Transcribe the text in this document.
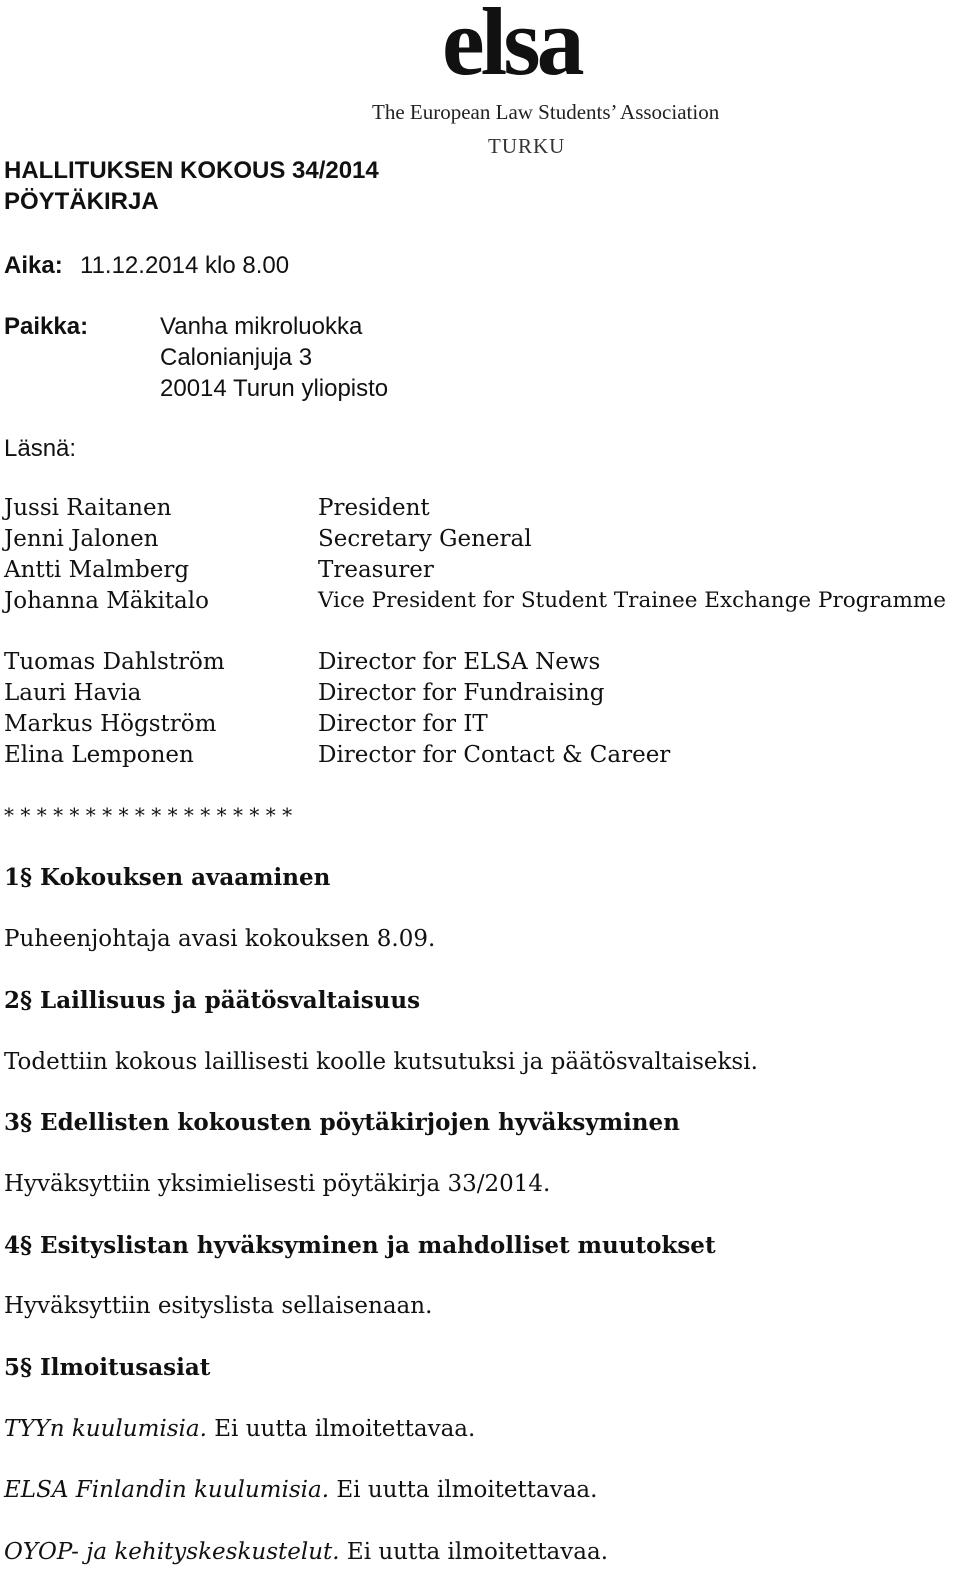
elsa
The European Law Students’ Association
TURKU
HALLITUKSEN KOKOUS 34/2014
PÖYTÄKIRJA
Aika: 11.12.2014 klo 8.00
Paikka:	Vanha mikroluokka
Calonianjuja 3
20014 Turun yliopisto
Läsnä:
Jussi Raitanen	President
Jenni Jalonen	Secretary General
Antti Malmberg	Treasurer
Johanna Mäkitalo	Vice President for Student Trainee Exchange Programme
Tuomas Dahlström	Director for ELSA News
Lauri Havia	Director for Fundraising
Markus Högström	Director for IT
Elina Lemponen	Director for Contact & Career
* * * * * * * * * * * * * * * * * *
1§ Kokouksen avaaminen
Puheenjohtaja avasi kokouksen 8.09.
2§ Laillisuus ja päätösvaltaisuus
Todettiin kokous laillisesti koolle kutsutuksi ja päätösvaltaiseksi.
3§ Edellisten kokousten pöytäkirjojen hyväksyminen
Hyväksyttiin yksimielisesti pöytäkirja 33/2014.
4§ Esityslistan hyväksyminen ja mahdolliset muutokset
Hyväksyttiin esityslista sellaisenaan.
5§ Ilmoitusasiat
TYYn kuulumisia. Ei uutta ilmoitettavaa.
ELSA Finlandin kuulumisia. Ei uutta ilmoitettavaa.
OYOP- ja kehityskeskustelut. Ei uutta ilmoitettavaa.
